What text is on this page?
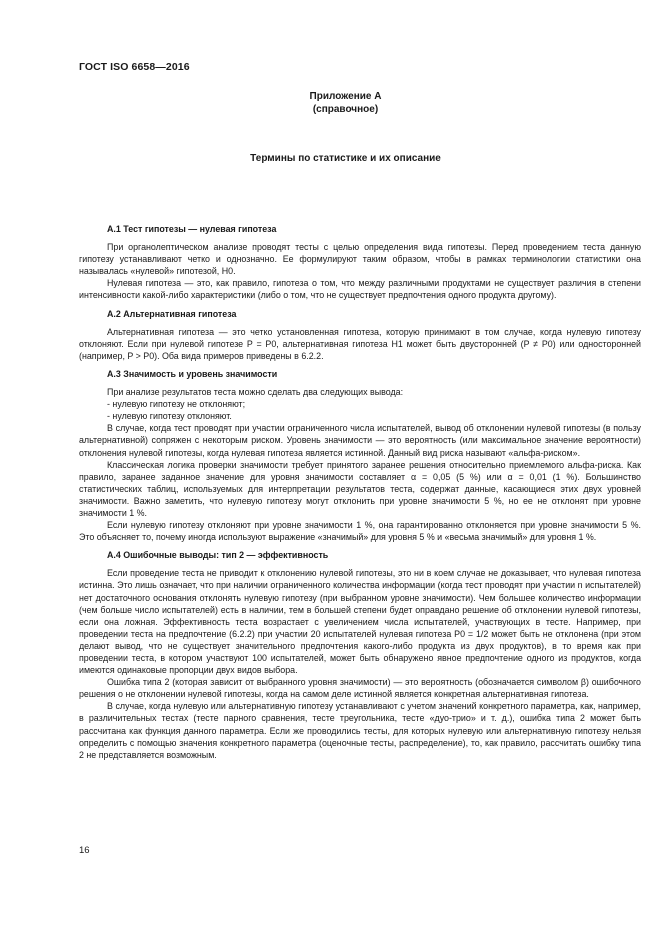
ГОСТ ISO 6658—2016
Приложение А
(справочное)
Термины по статистике и их описание
А.1 Тест гипотезы — нулевая гипотеза

При органолептическом анализе проводят тесты с целью определения вида гипотезы. Перед проведением теста данную гипотезу устанавливают четко и однозначно. Ее формулируют таким образом, чтобы в рамках терминологии статистики она называлась «нулевой» гипотезой, H0.

Нулевая гипотеза — это, как правило, гипотеза о том, что между различными продуктами не существует различия в степени интенсивности какой-либо характеристики (либо о том, что не существует предпочтения одного продукта другому).

А.2 Альтернативная гипотеза

Альтернативная гипотеза — это четко установленная гипотеза, которую принимают в том случае, когда нулевую гипотезу отклоняют. Если при нулевой гипотезе P = P0, альтернативная гипотеза H1 может быть двусторонней (P ≠ P0) или односторонней (например, P > P0). Оба вида примеров приведены в 6.2.2.

А.3 Значимость и уровень значимости

При анализе результатов теста можно сделать два следующих вывода:

- нулевую гипотезу не отклоняют;

- нулевую гипотезу отклоняют.

В случае, когда тест проводят при участии ограниченного числа испытателей, вывод об отклонении нулевой гипотезы (в пользу альтернативной) сопряжен с некоторым риском. Уровень значимости — это вероятность (или максимальное значение вероятности) отклонения нулевой гипотезы, когда нулевая гипотеза является истинной. Данный вид риска называют «альфа-риском».

Классическая логика проверки значимости требует принятого заранее решения относительно приемлемого альфа-риска. Как правило, заранее заданное значение для уровня значимости составляет α = 0,05 (5 %) или α = 0,01 (1 %). Большинство статистических таблиц, используемых для интерпретации результатов теста, содержат данные, касающиеся этих двух уровней значимости. Важно заметить, что нулевую гипотезу могут отклонить при уровне значимости 5 %, но ее не отклонят при уровне значимости 1 %.

Если нулевую гипотезу отклоняют при уровне значимости 1 %, она гарантированно отклоняется при уровне значимости 5 %. Это объясняет то, почему иногда используют выражение «значимый» для уровня 5 % и «весьма значимый» для уровня 1 %.

А.4 Ошибочные выводы: тип 2 — эффективность

Если проведение теста не приводит к отклонению нулевой гипотезы, это ни в коем случае не доказывает, что нулевая гипотеза истинна. Это лишь означает, что при наличии ограниченного количества информации (когда тест проводят при участии n испытателей) нет достаточного основания отклонять нулевую гипотезу (при выбранном уровне значимости). Чем большее количество информации (чем больше число испытателей) есть в наличии, тем в большей степени будет оправдано решение об отклонении нулевой гипотезы, если она ложная. Эффективность теста возрастает с увеличением числа испытателей, участвующих в тесте. Например, при проведении теста на предпочтение (6.2.2) при участии 20 испытателей нулевая гипотеза P0 = 1/2 может быть не отклонена (при этом делают вывод, что не существует значительного предпочтения какого-либо продукта из двух продуктов), в то время как при проведении теста, в котором участвуют 100 испытателей, может быть обнаружено явное предпочтение одного из продуктов, когда имеются одинаковые пропорции двух видов выбора.

Ошибка типа 2 (которая зависит от выбранного уровня значимости) — это вероятность (обозначается символом β) ошибочного решения о не отклонении нулевой гипотезы, когда на самом деле истинной является конкретная альтернативная гипотеза.

В случае, когда нулевую или альтернативную гипотезу устанавливают с учетом значений конкретного параметра, как, например, в различительных тестах (тесте парного сравнения, тесте треугольника, тесте «дуо-трио» и т. д.), ошибка типа 2 может быть рассчитана как функция данного параметра. Если же проводились тесты, для которых нулевую или альтернативную гипотезу нельзя определить с помощью значения конкретного параметра (оценочные тесты, распределение), то, как правило, рассчитать ошибку типа 2 не представляется возможным.

16
